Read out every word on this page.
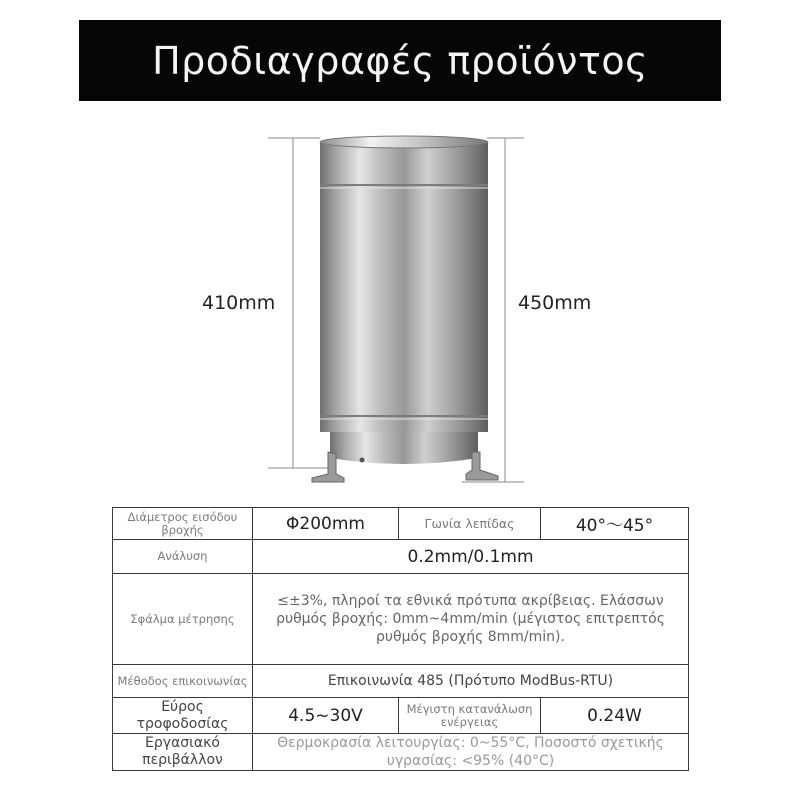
Προδιαγραφές προϊόντος
410mm	450mm
Διάμετρος εισόδου βροχής	Φ200mm	Γωνία λεπίδας	40°～45°
Ανάλυση	0.2mm/0.1mm		
Σφάλμα μέτρησης	≤±3%, πληροί τα εθνικά πρότυπα ακρίβειας. Ελάσσων ρυθμός βροχής: 0mm~4mm/min (μέγιστος επιτρεπτός ρυθμός βροχής 8mm/min).		
Μέθοδος επικοινωνίας	Επικοινωνία 485 (Πρότυπο ModBus-RTU)		
Εύρος τροφοδοσίας	4.5~30V	Μέγιστη κατανάλωση ενέργειας	0.24W
Εργασιακό περιβάλλον	Θερμοκρασία λειτουργίας: 0~55°C, Ποσοστό σχετικής υγρασίας: <95% (40°C)		
